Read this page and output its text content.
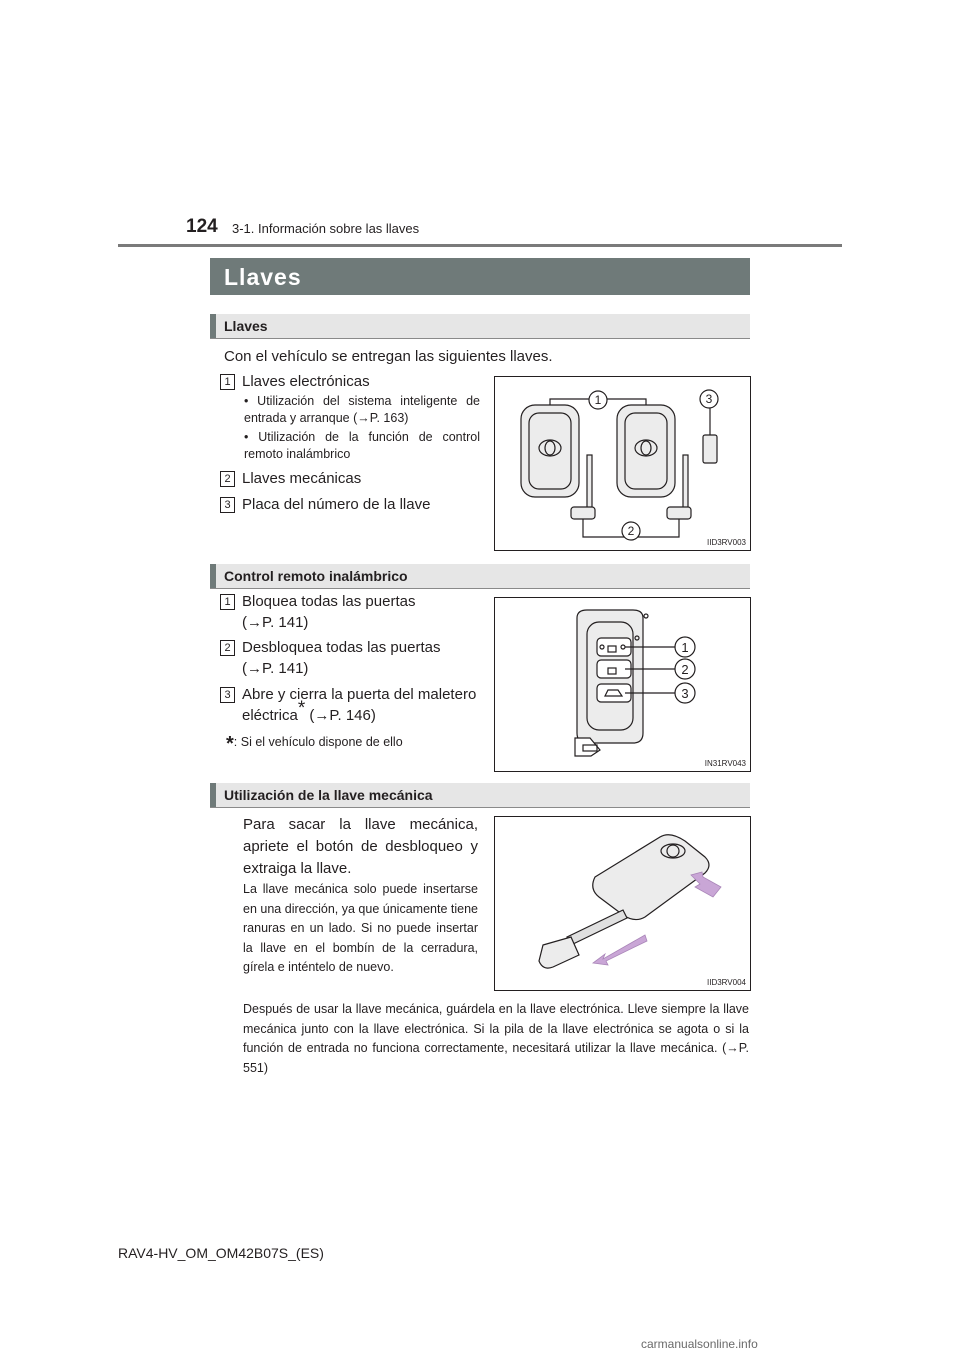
124 3-1. Información sobre las llaves
Llaves
Llaves
Con el vehículo se entregan las siguientes llaves.
1 Llaves electrónicas
• Utilización del sistema inteligente de entrada y arranque (→P. 163)
• Utilización de la función de control remoto inalámbrico
2 Llaves mecánicas
3 Placa del número de la llave
1	3
2
IID3RV003
Control remoto inalámbrico
1 Bloquea todas las puertas
(→P. 141)
2 Desbloquea todas las puertas
(→P. 141)
3 Abre y cierra la puerta del maletero
eléctrica* (→P. 146)
*: Si el vehículo dispone de ello
1
2
3
IN31RV043
Utilización de la llave mecánica
Para sacar la llave mecánica, apriete el botón de desbloqueo y extraiga la llave.
La llave mecánica solo puede insertarse en una dirección, ya que únicamente tiene ranuras en un lado. Si no puede insertar la llave en el bombín de la cerradura, gírela e inténtelo de nuevo.
Después de usar la llave mecánica, guárdela en la llave electrónica. Lleve siempre la llave mecánica junto con la llave electrónica. Si la pila de la llave electrónica se agota o si la función de entrada no funciona correctamente, necesitará utilizar la llave mecánica. (→P. 551)
IID3RV004
RAV4-HV_OM_OM42B07S_(ES)
carmanualsonline.info
